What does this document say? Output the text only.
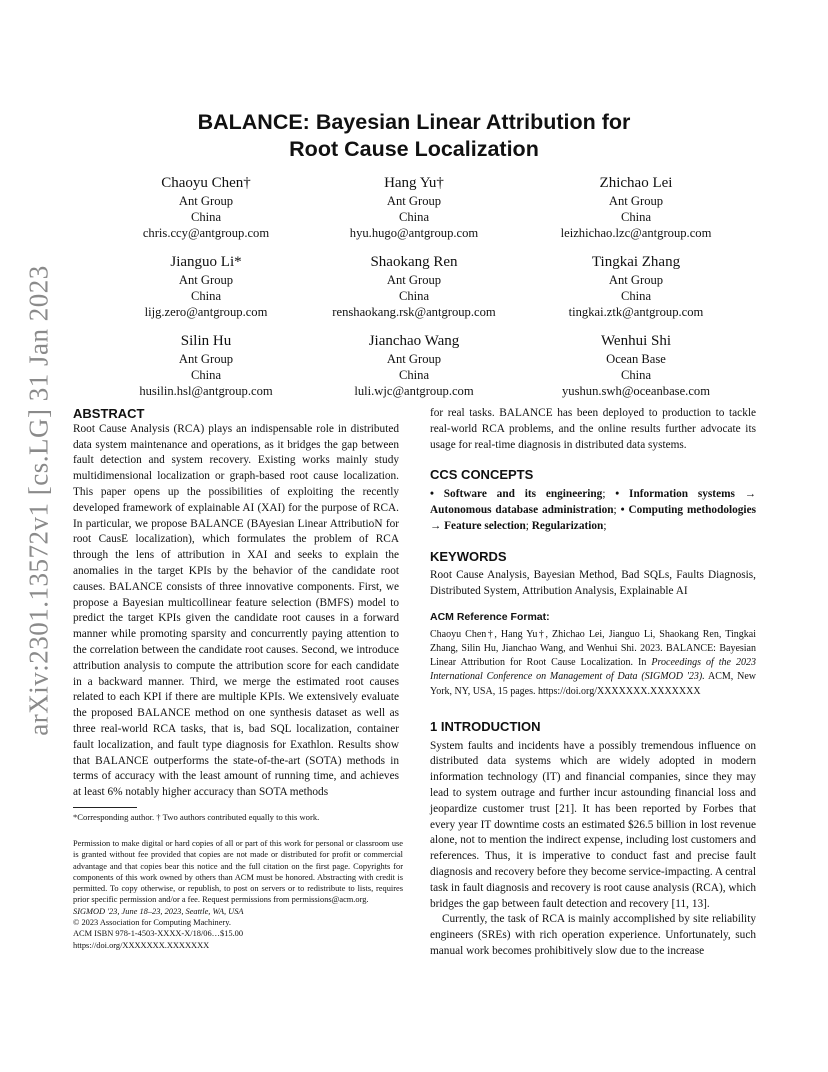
arXiv:2301.13572v1 [cs.LG] 31 Jan 2023
BALANCE: Bayesian Linear Attribution for
Root Cause Localization
Chaoyu Chen†
Ant Group
China
chris.ccy@antgroup.com
Hang Yu†
Ant Group
China
hyu.hugo@antgroup.com
Zhichao Lei
Ant Group
China
leizhichao.lzc@antgroup.com
Jianguo Li*
Ant Group
China
lijg.zero@antgroup.com
Shaokang Ren
Ant Group
China
renshaokang.rsk@antgroup.com
Tingkai Zhang
Ant Group
China
tingkai.ztk@antgroup.com
Silin Hu
Ant Group
China
husilin.hsl@antgroup.com
Jianchao Wang
Ant Group
China
luli.wjc@antgroup.com
Wenhui Shi
Ocean Base
China
yushun.swh@oceanbase.com
ABSTRACT

Root Cause Analysis (RCA) plays an indispensable role in distributed data system maintenance and operations, as it bridges the gap between fault detection and system recovery. Existing works mainly study multidimensional localization or graph-based root cause localization. This paper opens up the possibilities of exploiting the recently developed framework of explainable AI (XAI) for the purpose of RCA. In particular, we propose BALANCE (BAyesian Linear AttributioN for root CausE localization), which formulates the problem of RCA through the lens of attribution in XAI and seeks to explain the anomalies in the target KPIs by the behavior of the candidate root causes. BALANCE consists of three innovative components. First, we propose a Bayesian multicollinear feature selection (BMFS) model to predict the target KPIs given the candidate root causes in a forward manner while promoting sparsity and concurrently paying attention to the correlation between the candidate root causes. Second, we introduce attribution analysis to compute the attribution score for each candidate in a backward manner. Third, we merge the estimated root causes related to each KPI if there are multiple KPIs. We extensively evaluate the proposed BALANCE method on one synthesis dataset as well as three real-world RCA tasks, that is, bad SQL localization, container fault localization, and fault type diagnosis for Exathlon. Results show that BALANCE outperforms the state-of-the-art (SOTA) methods in terms of accuracy with the least amount of running time, and achieves at least 6% notably higher accuracy than SOTA methods

*Corresponding author. † Two authors contributed equally to this work.

Permission to make digital or hard copies of all or part of this work for personal or classroom use is granted without fee provided that copies are not made or distributed for profit or commercial advantage and that copies bear this notice and the full citation on the first page. Copyrights for components of this work owned by others than ACM must be honored. Abstracting with credit is permitted. To copy otherwise, or republish, to post on servers or to redistribute to lists, requires prior specific permission and/or a fee. Request permissions from permissions@acm.org.

SIGMOD '23, June 18–23, 2023, Seattle, WA, USA

© 2023 Association for Computing Machinery.

ACM ISBN 978-1-4503-XXXX-X/18/06…$15.00

https://doi.org/XXXXXXX.XXXXXXX

for real tasks. BALANCE has been deployed to production to tackle real-world RCA problems, and the online results further advocate its usage for real-time diagnosis in distributed data systems.

CCS CONCEPTS

• Software and its engineering; • Information systems → Autonomous database administration; • Computing methodologies → Feature selection; Regularization;

KEYWORDS

Root Cause Analysis, Bayesian Method, Bad SQLs, Faults Diagnosis, Distributed System, Attribution Analysis, Explainable AI

ACM Reference Format:

Chaoyu Chen†, Hang Yu†, Zhichao Lei, Jianguo Li, Shaokang Ren, Tingkai Zhang, Silin Hu, Jianchao Wang, and Wenhui Shi. 2023. BALANCE: Bayesian Linear Attribution for Root Cause Localization. In Proceedings of the 2023 International Conference on Management of Data (SIGMOD '23). ACM, New York, NY, USA, 15 pages. https://doi.org/XXXXXXX.XXXXXXX

1 INTRODUCTION

System faults and incidents have a possibly tremendous influence on distributed data systems which are widely adopted in modern information technology (IT) and financial companies, since they may lead to system outrage and further incur astounding financial loss and jeopardize customer trust [21]. It has been reported by Forbes that every year IT downtime costs an estimated $26.5 billion in lost revenue alone, not to mention the indirect expense, including lost customers and references. Thus, it is imperative to conduct fast and precise fault diagnosis and recovery before they become service-impacting. A central task in fault diagnosis and recovery is root cause analysis (RCA), which bridges the gap between fault detection and recovery [11, 13].

Currently, the task of RCA is mainly accomplished by site reliability engineers (SREs) with rich operation experience. Unfortunately, such manual work becomes prohibitively slow due to the increase
